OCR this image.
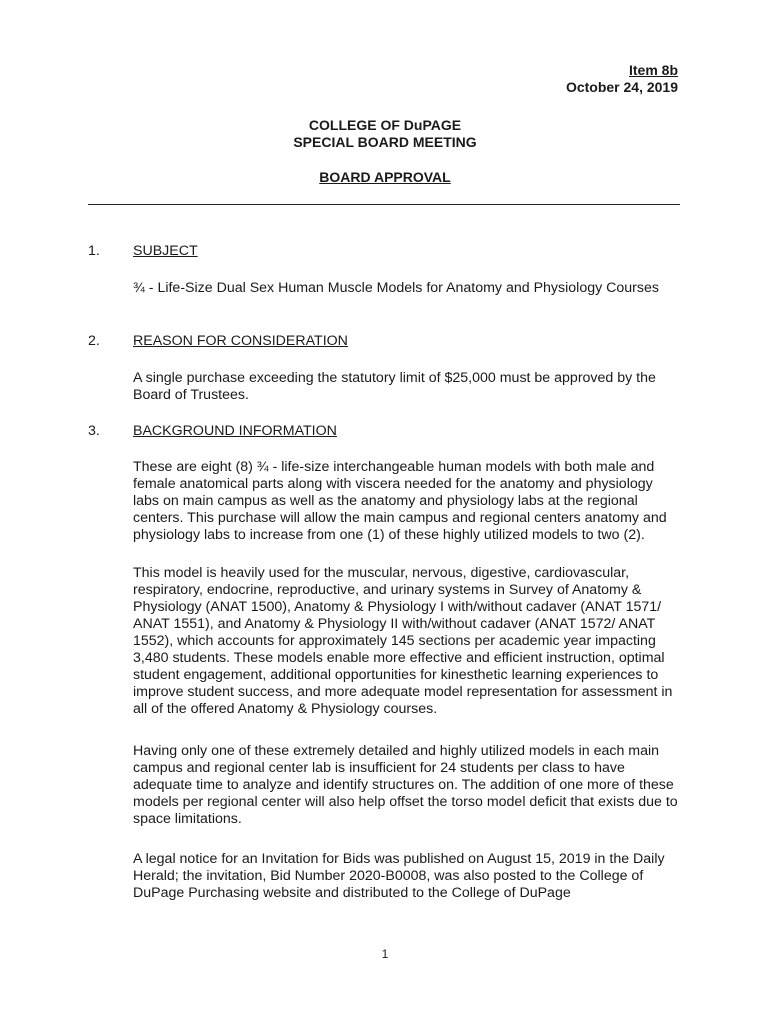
Item 8b
October 24, 2019
COLLEGE OF DuPAGE
SPECIAL BOARD MEETING
BOARD APPROVAL
1.	SUBJECT

¾ - Life-Size Dual Sex Human Muscle Models for Anatomy and Physiology Courses

2.	REASON FOR CONSIDERATION

A single purchase exceeding the statutory limit of $25,000 must be approved by the Board of Trustees.

3.	BACKGROUND INFORMATION

These are eight (8) ¾ - life-size interchangeable human models with both male and female anatomical parts along with viscera needed for the anatomy and physiology labs on main campus as well as the anatomy and physiology labs at the regional centers. This purchase will allow the main campus and regional centers anatomy and physiology labs to increase from one (1) of these highly utilized models to two (2).

This model is heavily used for the muscular, nervous, digestive, cardiovascular, respiratory, endocrine, reproductive, and urinary systems in Survey of Anatomy & Physiology (ANAT 1500), Anatomy & Physiology I with/without cadaver (ANAT 1571/ ANAT 1551), and Anatomy & Physiology II with/without cadaver (ANAT 1572/ ANAT 1552), which accounts for approximately 145 sections per academic year impacting 3,480 students. These models enable more effective and efficient instruction, optimal student engagement, additional opportunities for kinesthetic learning experiences to improve student success, and more adequate model representation for assessment in all of the offered Anatomy & Physiology courses.

Having only one of these extremely detailed and highly utilized models in each main campus and regional center lab is insufficient for 24 students per class to have adequate time to analyze and identify structures on. The addition of one more of these models per regional center will also help offset the torso model deficit that exists due to space limitations.

A legal notice for an Invitation for Bids was published on August 15, 2019 in the Daily Herald; the invitation, Bid Number 2020-B0008, was also posted to the College of DuPage Purchasing website and distributed to the College of DuPage

1
